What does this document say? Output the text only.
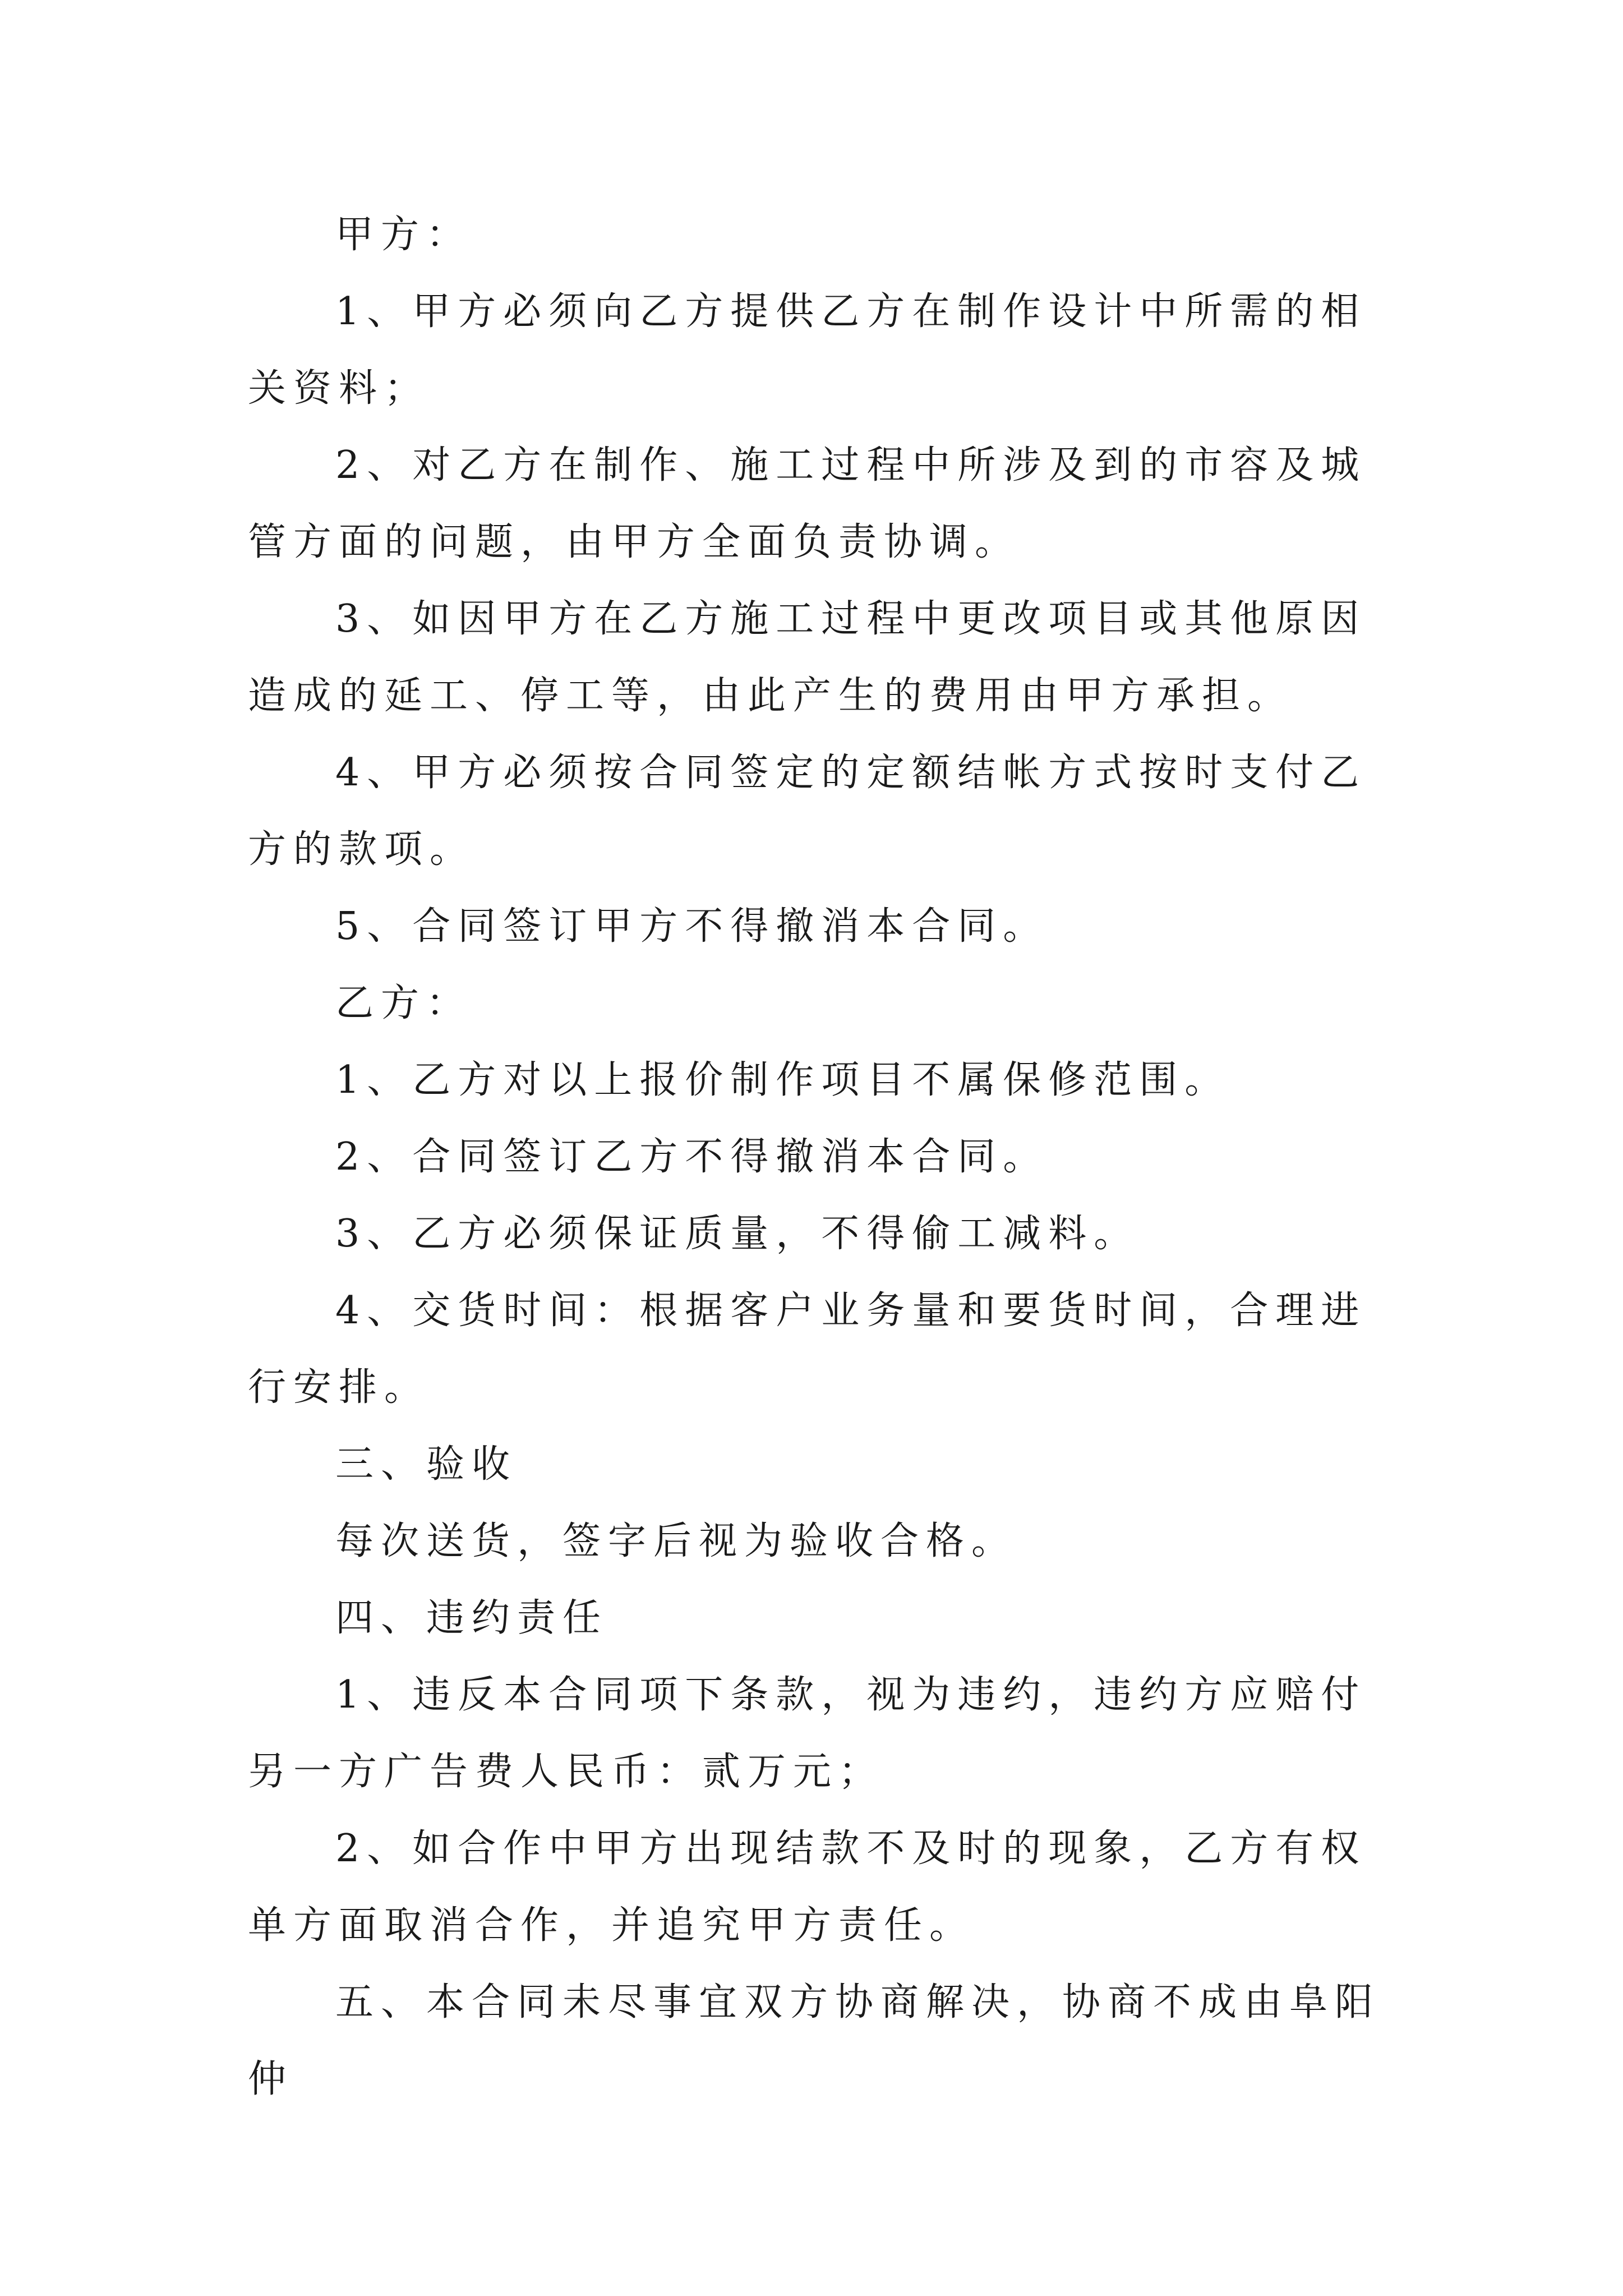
甲方：

1、甲方必须向乙方提供乙方在制作设计中所需的相关资料；

2、对乙方在制作、施工过程中所涉及到的市容及城管方面的问题，由甲方全面负责协调。

3、如因甲方在乙方施工过程中更改项目或其他原因造成的延工、停工等，由此产生的费用由甲方承担。

4、甲方必须按合同签定的定额结帐方式按时支付乙方的款项。

5、合同签订甲方不得撤消本合同。

乙方：

1、乙方对以上报价制作项目不属保修范围。

2、合同签订乙方不得撤消本合同。

3、乙方必须保证质量，不得偷工减料。

4、交货时间：根据客户业务量和要货时间，合理进行安排。

三、验收

每次送货，签字后视为验收合格。

四、违约责任

1、违反本合同项下条款，视为违约，违约方应赔付另一方广告费人民币：贰万元；

2、如合作中甲方出现结款不及时的现象，乙方有权单方面取消合作，并追究甲方责任。

五、本合同未尽事宜双方协商解决，协商不成由阜阳仲
